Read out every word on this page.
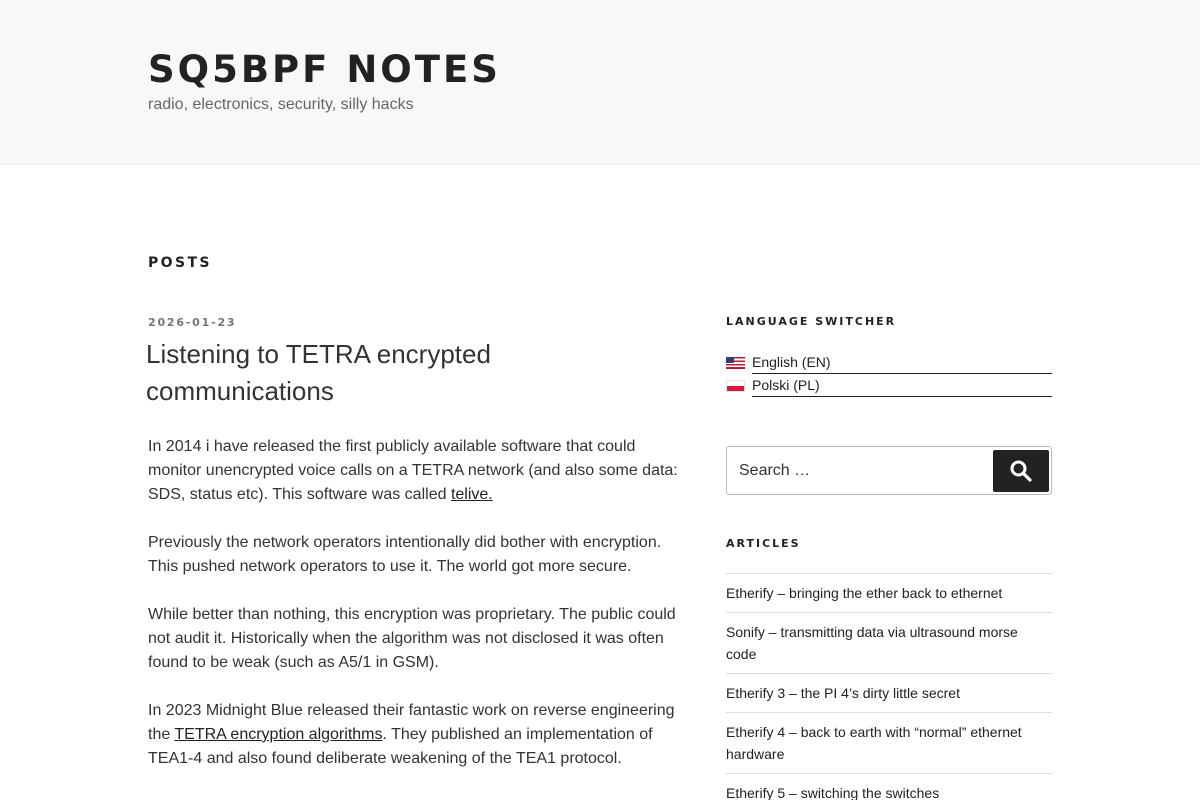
SQ5BPF NOTES
radio, electronics, security, silly hacks
POSTS
2026-01-23
Listening to TETRA encrypted communications

In 2014 i have released the first publicly available software that could monitor unencrypted voice calls on a TETRA network (and also some data: SDS, status etc). This software was called telive.

Previously the network operators intentionally did bother with encryption. This pushed network operators to use it. The world got more secure.

While better than nothing, this encryption was proprietary. The public could not audit it. Historically when the algorithm was not disclosed it was often found to be weak (such as A5/1 in GSM).

In 2023 Midnight Blue released their fantastic work on reverse engineering the TETRA encryption algorithms. They published an implementation of TEA1-4 and also found deliberate weakening of the TEA1 protocol.

LANGUAGE SWITCHER
English (EN)
Polski (PL)
Search …
ARTICLES
Etherify – bringing the ether back to ethernet
Sonify – transmitting data via ultrasound morse code
Etherify 3 – the PI 4’s dirty little secret
Etherify 4 – back to earth with “normal” ethernet hardware
Etherify 5 – switching the switches
